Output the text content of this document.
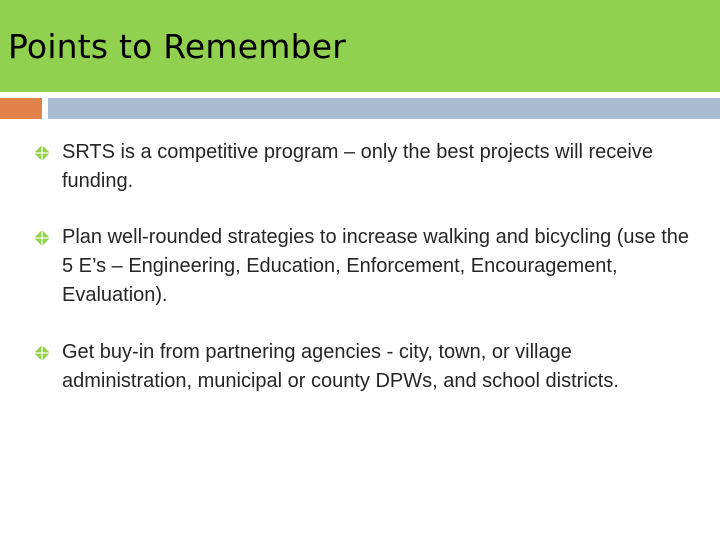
Points to Remember

SRTS is a competitive program – only the best projects will receive funding.

Plan well-rounded strategies to increase walking and bicycling (use the 5 E’s – Engineering, Education, Enforcement, Encouragement, Evaluation).

Get buy-in from partnering agencies - city, town, or village administration, municipal or county DPWs, and school districts.
